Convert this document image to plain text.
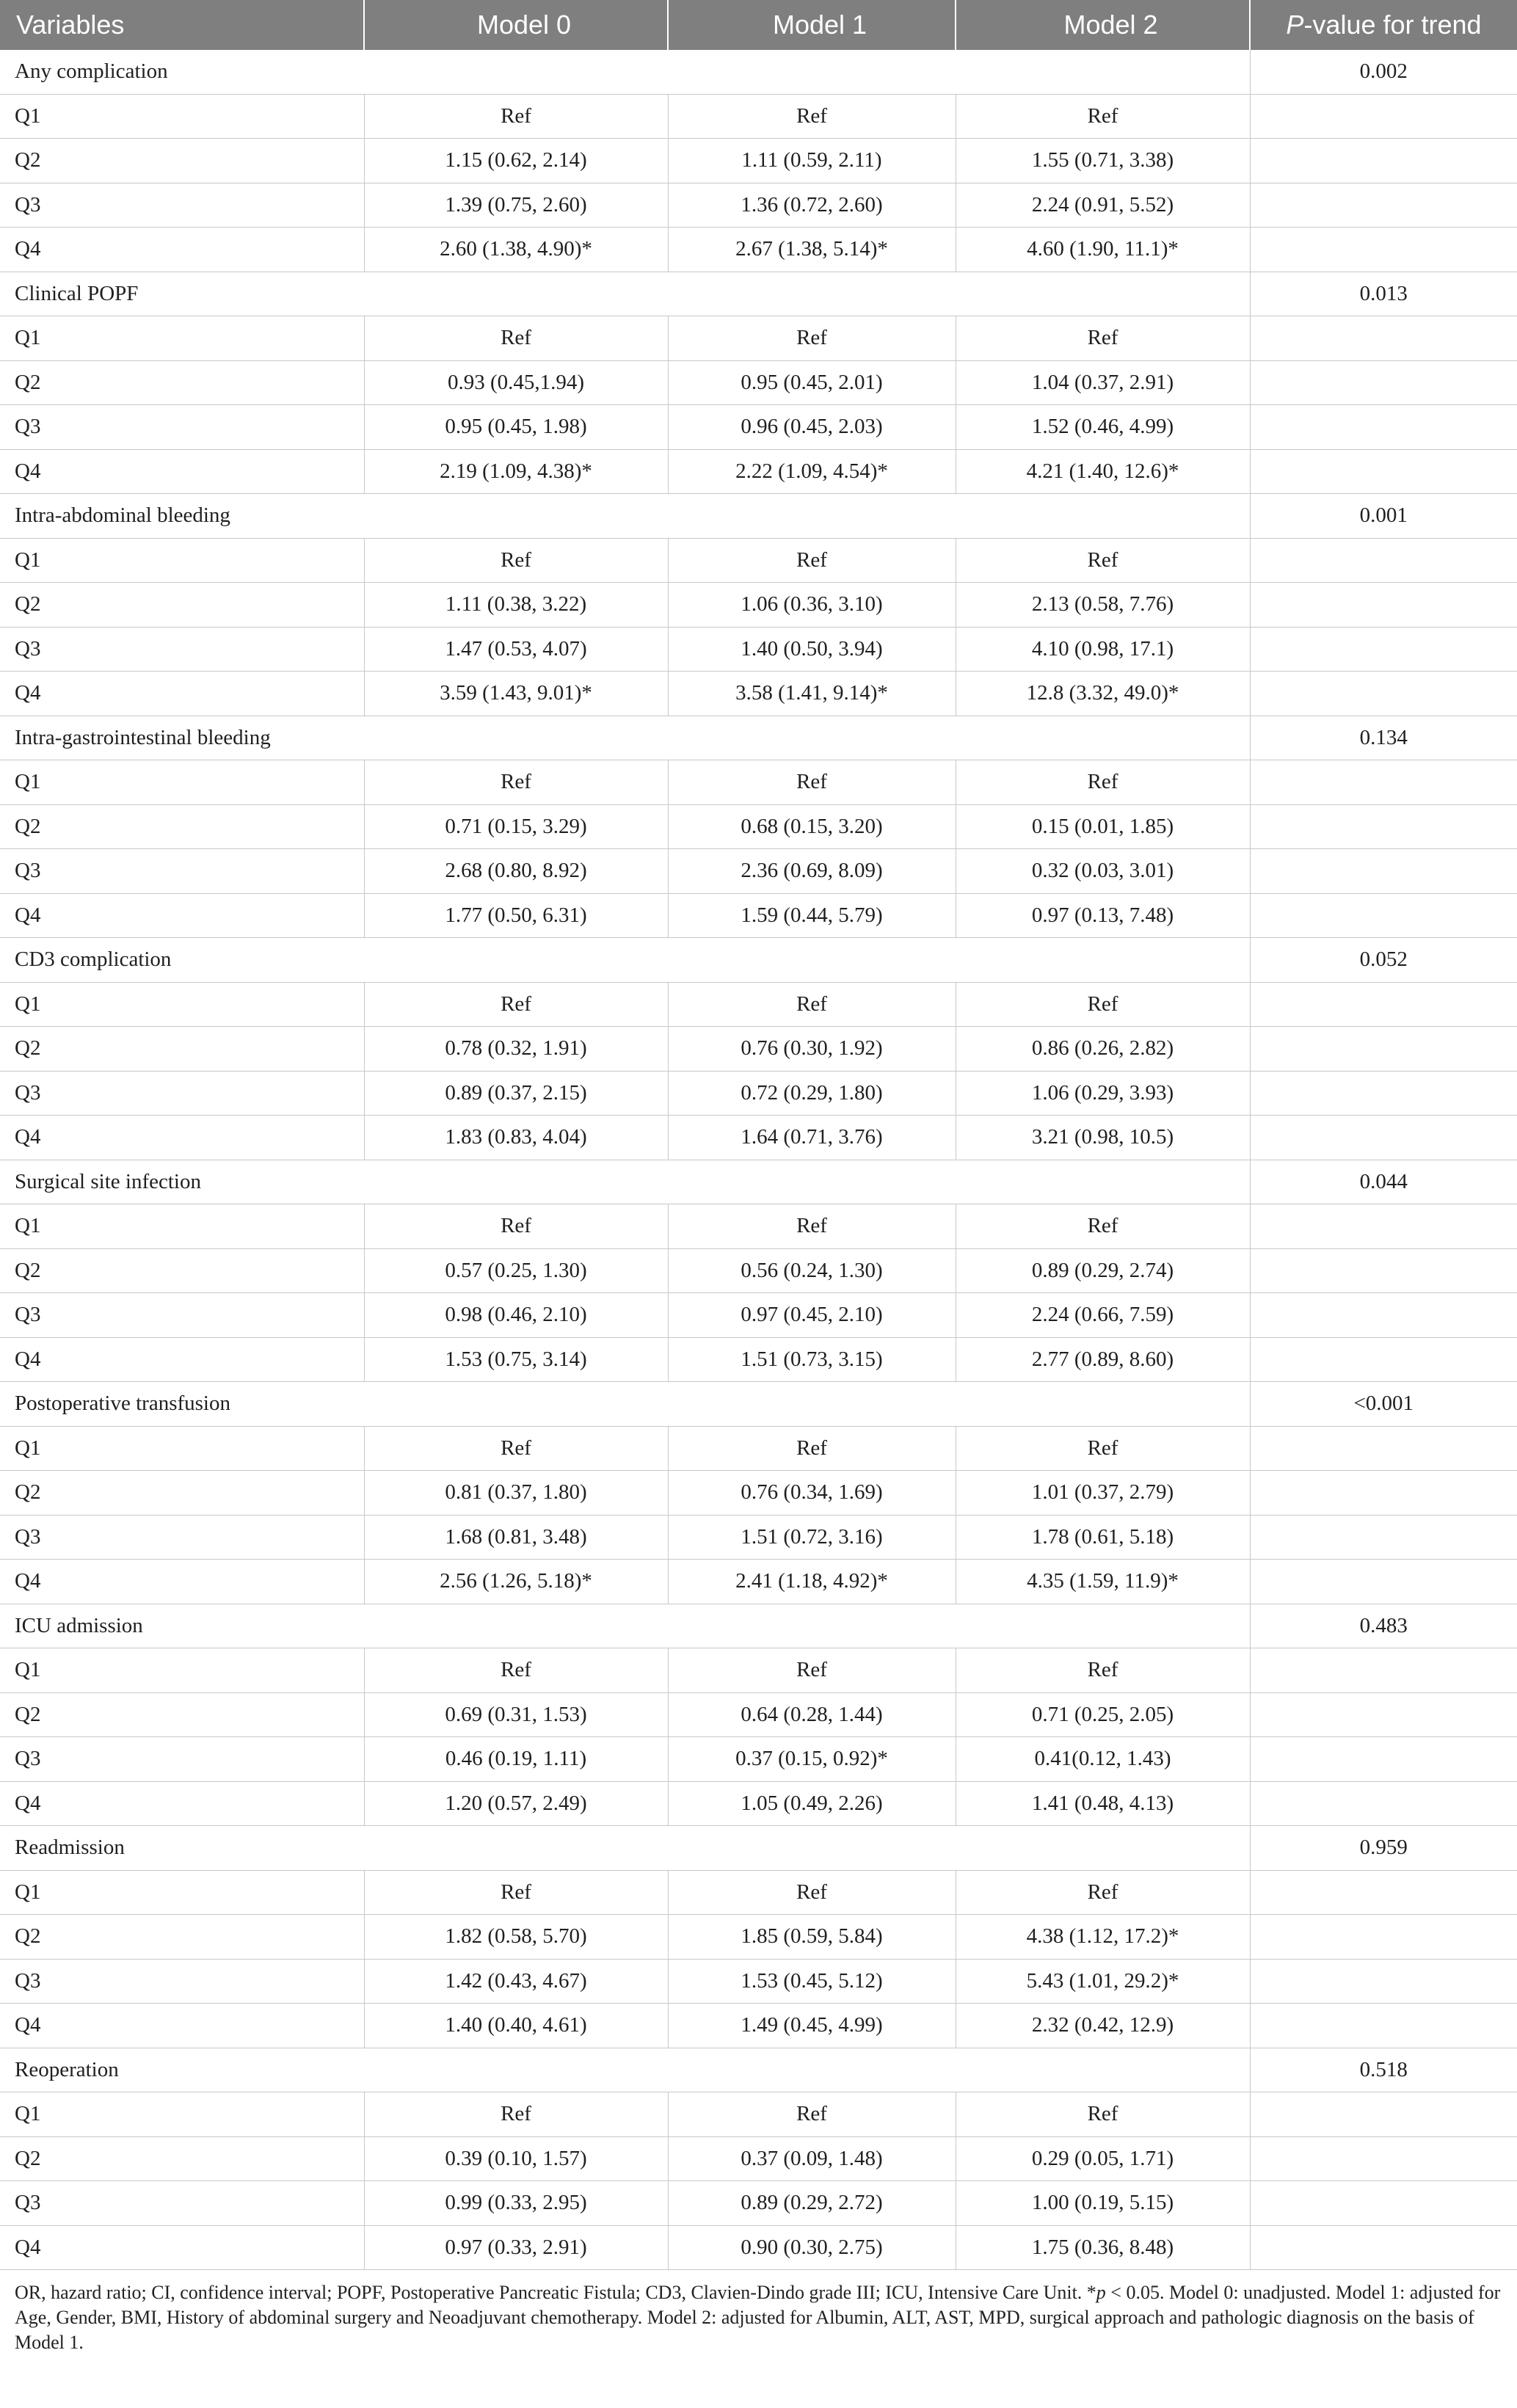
Variables	Model 0	Model 1	Model 2	P-value for trend
Any complication				0.002
Q1	Ref	Ref	Ref	
Q2	1.15 (0.62, 2.14)	1.11 (0.59, 2.11)	1.55 (0.71, 3.38)	
Q3	1.39 (0.75, 2.60)	1.36 (0.72, 2.60)	2.24 (0.91, 5.52)	
Q4	2.60 (1.38, 4.90)*	2.67 (1.38, 5.14)*	4.60 (1.90, 11.1)*	
Clinical POPF				0.013
Q1	Ref	Ref	Ref	
Q2	0.93 (0.45,1.94)	0.95 (0.45, 2.01)	1.04 (0.37, 2.91)	
Q3	0.95 (0.45, 1.98)	0.96 (0.45, 2.03)	1.52 (0.46, 4.99)	
Q4	2.19 (1.09, 4.38)*	2.22 (1.09, 4.54)*	4.21 (1.40, 12.6)*	
Intra-abdominal bleeding				0.001
Q1	Ref	Ref	Ref	
Q2	1.11 (0.38, 3.22)	1.06 (0.36, 3.10)	2.13 (0.58, 7.76)	
Q3	1.47 (0.53, 4.07)	1.40 (0.50, 3.94)	4.10 (0.98, 17.1)	
Q4	3.59 (1.43, 9.01)*	3.58 (1.41, 9.14)*	12.8 (3.32, 49.0)*	
Intra-gastrointestinal bleeding				0.134
Q1	Ref	Ref	Ref	
Q2	0.71 (0.15, 3.29)	0.68 (0.15, 3.20)	0.15 (0.01, 1.85)	
Q3	2.68 (0.80, 8.92)	2.36 (0.69, 8.09)	0.32 (0.03, 3.01)	
Q4	1.77 (0.50, 6.31)	1.59 (0.44, 5.79)	0.97 (0.13, 7.48)	
CD3 complication				0.052
Q1	Ref	Ref	Ref	
Q2	0.78 (0.32, 1.91)	0.76 (0.30, 1.92)	0.86 (0.26, 2.82)	
Q3	0.89 (0.37, 2.15)	0.72 (0.29, 1.80)	1.06 (0.29, 3.93)	
Q4	1.83 (0.83, 4.04)	1.64 (0.71, 3.76)	3.21 (0.98, 10.5)	
Surgical site infection				0.044
Q1	Ref	Ref	Ref	
Q2	0.57 (0.25, 1.30)	0.56 (0.24, 1.30)	0.89 (0.29, 2.74)	
Q3	0.98 (0.46, 2.10)	0.97 (0.45, 2.10)	2.24 (0.66, 7.59)	
Q4	1.53 (0.75, 3.14)	1.51 (0.73, 3.15)	2.77 (0.89, 8.60)	
Postoperative transfusion				<0.001
Q1	Ref	Ref	Ref	
Q2	0.81 (0.37, 1.80)	0.76 (0.34, 1.69)	1.01 (0.37, 2.79)	
Q3	1.68 (0.81, 3.48)	1.51 (0.72, 3.16)	1.78 (0.61, 5.18)	
Q4	2.56 (1.26, 5.18)*	2.41 (1.18, 4.92)*	4.35 (1.59, 11.9)*	
ICU admission				0.483
Q1	Ref	Ref	Ref	
Q2	0.69 (0.31, 1.53)	0.64 (0.28, 1.44)	0.71 (0.25, 2.05)	
Q3	0.46 (0.19, 1.11)	0.37 (0.15, 0.92)*	0.41(0.12, 1.43)	
Q4	1.20 (0.57, 2.49)	1.05 (0.49, 2.26)	1.41 (0.48, 4.13)	
Readmission				0.959
Q1	Ref	Ref	Ref	
Q2	1.82 (0.58, 5.70)	1.85 (0.59, 5.84)	4.38 (1.12, 17.2)*	
Q3	1.42 (0.43, 4.67)	1.53 (0.45, 5.12)	5.43 (1.01, 29.2)*	
Q4	1.40 (0.40, 4.61)	1.49 (0.45, 4.99)	2.32 (0.42, 12.9)	
Reoperation				0.518
Q1	Ref	Ref	Ref	
Q2	0.39 (0.10, 1.57)	0.37 (0.09, 1.48)	0.29 (0.05, 1.71)	
Q3	0.99 (0.33, 2.95)	0.89 (0.29, 2.72)	1.00 (0.19, 5.15)	
Q4	0.97 (0.33, 2.91)	0.90 (0.30, 2.75)	1.75 (0.36, 8.48)	
OR, hazard ratio; CI, confidence interval; POPF, Postoperative Pancreatic Fistula; CD3, Clavien-Dindo grade III; ICU, Intensive Care Unit. *p < 0.05. Model 0: unadjusted. Model 1: adjusted for Age, Gender, BMI, History of abdominal surgery and Neoadjuvant chemotherapy. Model 2: adjusted for Albumin, ALT, AST, MPD, surgical approach and pathologic diagnosis on the basis of Model 1.
